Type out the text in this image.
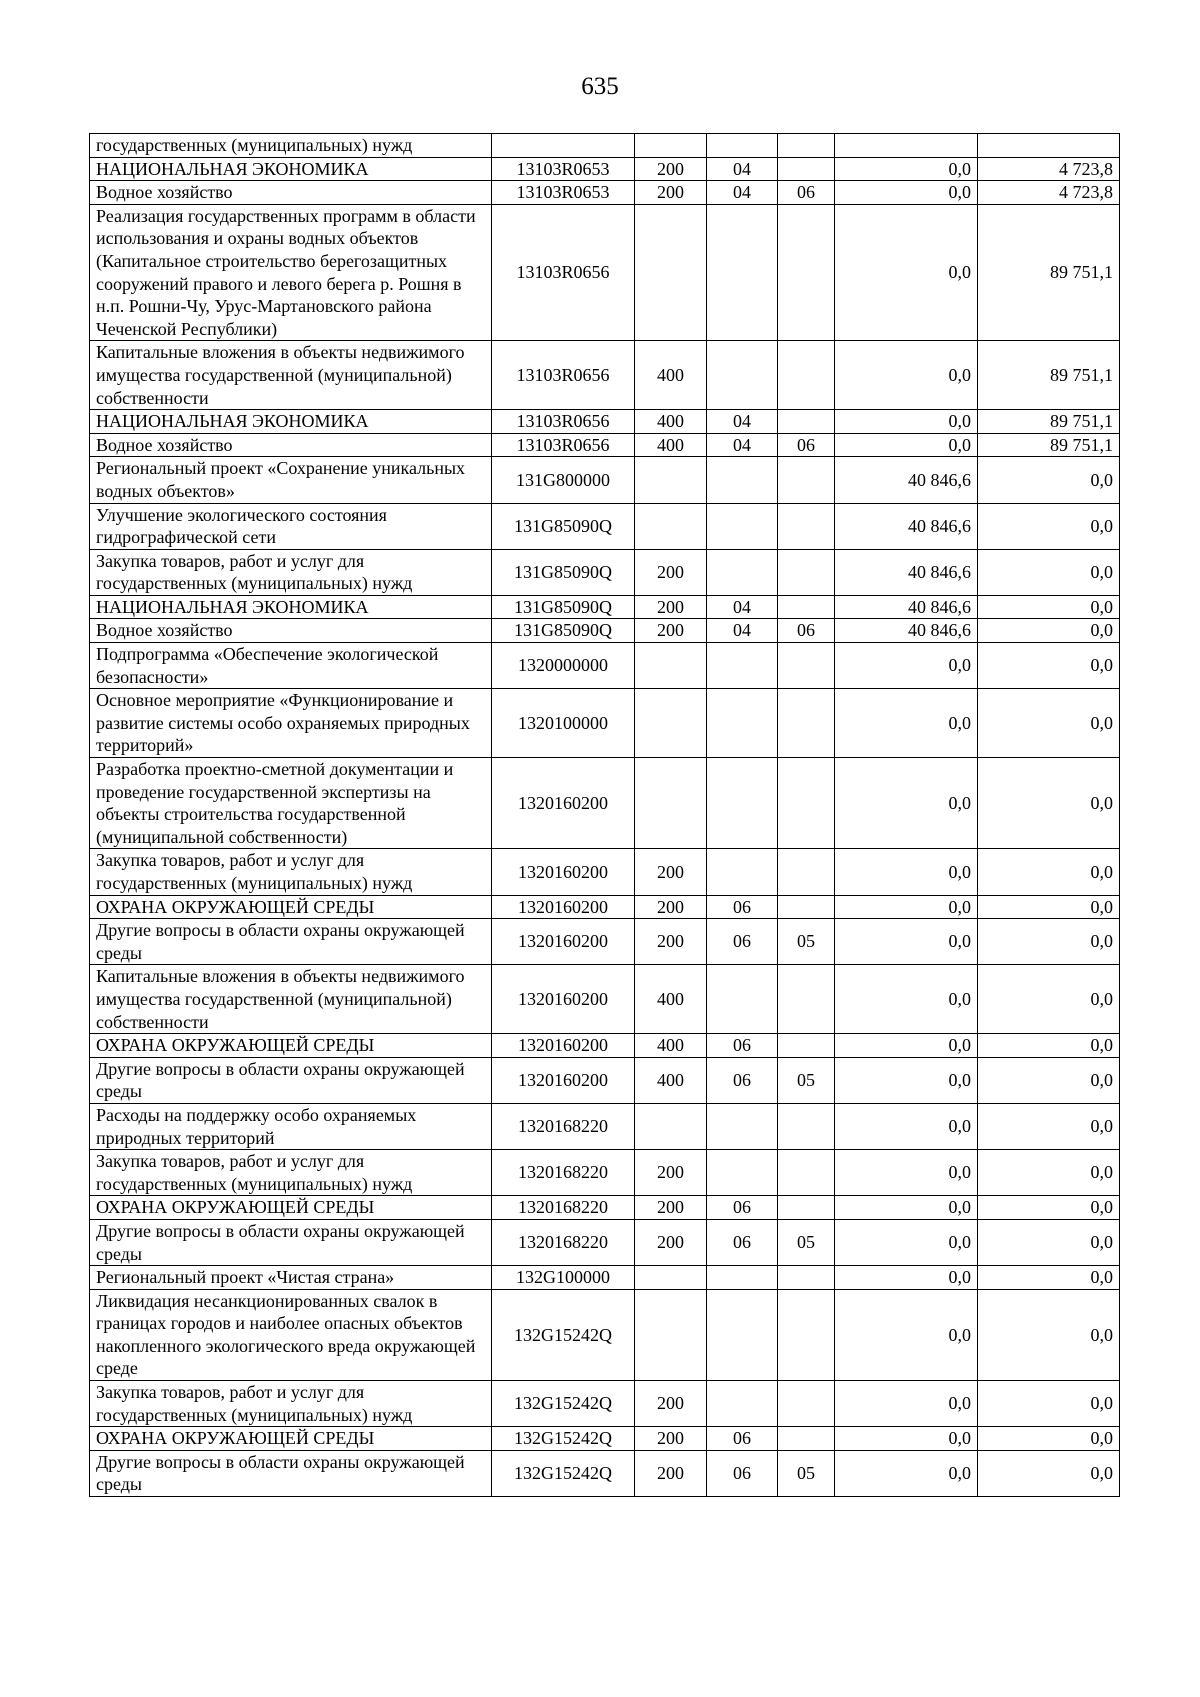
635
государственных (муниципальных) нужд						
НАЦИОНАЛЬНАЯ ЭКОНОМИКА	13103R0653	200	04		0,0	4 723,8
Водное хозяйство	13103R0653	200	04	06	0,0	4 723,8
Реализация государственных программ в области использования и охраны водных объектов (Капитальное строительство берегозащитных сооружений правого и левого берега р. Рошня в н.п. Рошни-Чу, Урус-Мартановского района Чеченской Республики)	13103R0656				0,0	89 751,1
Капитальные вложения в объекты недвижимого имущества государственной (муниципальной) собственности	13103R0656	400			0,0	89 751,1
НАЦИОНАЛЬНАЯ ЭКОНОМИКА	13103R0656	400	04		0,0	89 751,1
Водное хозяйство	13103R0656	400	04	06	0,0	89 751,1
Региональный проект «Сохранение уникальных водных объектов»	131G800000				40 846,6	0,0
Улучшение экологического состояния гидрографической сети	131G85090Q				40 846,6	0,0
Закупка товаров, работ и услуг для государственных (муниципальных) нужд	131G85090Q	200			40 846,6	0,0
НАЦИОНАЛЬНАЯ ЭКОНОМИКА	131G85090Q	200	04		40 846,6	0,0
Водное хозяйство	131G85090Q	200	04	06	40 846,6	0,0
Подпрограмма «Обеспечение экологической безопасности»	1320000000				0,0	0,0
Основное мероприятие «Функционирование и развитие системы особо охраняемых природных территорий»	1320100000				0,0	0,0
Разработка проектно-сметной документации и проведение государственной экспертизы на объекты строительства государственной (муниципальной собственности)	1320160200				0,0	0,0
Закупка товаров, работ и услуг для государственных (муниципальных) нужд	1320160200	200			0,0	0,0
ОХРАНА ОКРУЖАЮЩЕЙ СРЕДЫ	1320160200	200	06		0,0	0,0
Другие вопросы в области охраны окружающей среды	1320160200	200	06	05	0,0	0,0
Капитальные вложения в объекты недвижимого имущества государственной (муниципальной) собственности	1320160200	400			0,0	0,0
ОХРАНА ОКРУЖАЮЩЕЙ СРЕДЫ	1320160200	400	06		0,0	0,0
Другие вопросы в области охраны окружающей среды	1320160200	400	06	05	0,0	0,0
Расходы на поддержку особо охраняемых природных территорий	1320168220				0,0	0,0
Закупка товаров, работ и услуг для государственных (муниципальных) нужд	1320168220	200			0,0	0,0
ОХРАНА ОКРУЖАЮЩЕЙ СРЕДЫ	1320168220	200	06		0,0	0,0
Другие вопросы в области охраны окружающей среды	1320168220	200	06	05	0,0	0,0
Региональный проект «Чистая страна»	132G100000				0,0	0,0
Ликвидация несанкционированных свалок в границах городов и наиболее опасных объектов накопленного экологического вреда окружающей среде	132G15242Q				0,0	0,0
Закупка товаров, работ и услуг для государственных (муниципальных) нужд	132G15242Q	200			0,0	0,0
ОХРАНА ОКРУЖАЮЩЕЙ СРЕДЫ	132G15242Q	200	06		0,0	0,0
Другие вопросы в области охраны окружающей среды	132G15242Q	200	06	05	0,0	0,0
